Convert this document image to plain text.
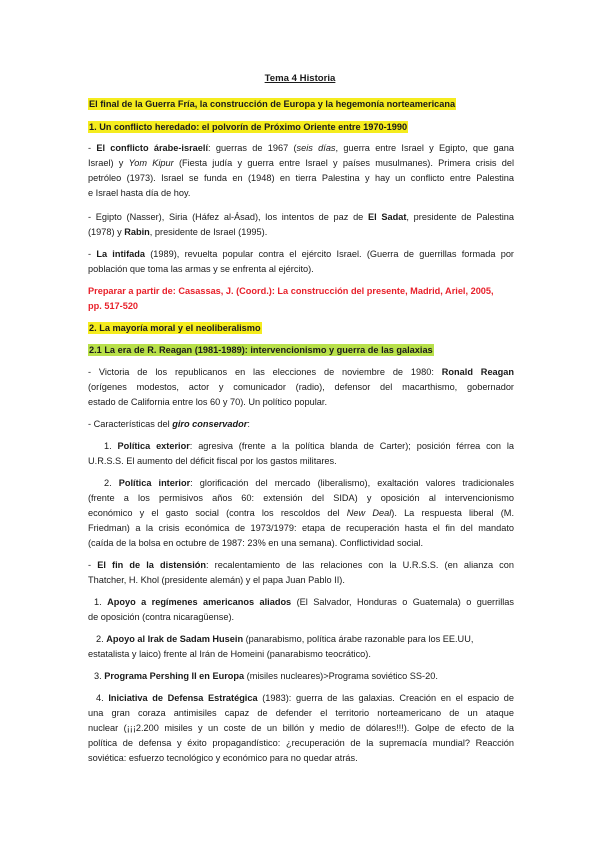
Tema 4 Historia
El final de la Guerra Fría, la construcción de Europa y la hegemonía norteamericana
1. Un conflicto heredado: el polvorín de Próximo Oriente entre 1970-1990
- El conflicto árabe-israelí: guerras de 1967 (seis días, guerra entre Israel y Egipto, que gana
Israel) y Yom Kipur (Fiesta judía y guerra entre Israel y países musulmanes). Primera crisis del
petróleo (1973). Israel se funda en (1948) en tierra Palestina y hay un conflicto entre Palestina
e Israel hasta día de hoy.
- Egipto (Nasser), Siria (Háfez al-Ásad), los intentos de paz de El Sadat, presidente de Palestina
(1978) y Rabin, presidente de Israel (1995).
- La intifada (1989), revuelta popular contra el ejército Israel. (Guerra de guerrillas formada por
población que toma las armas y se enfrenta al ejército).
Preparar a partir de: Casassas, J. (Coord.): La construcción del presente, Madrid, Ariel, 2005,
pp. 517-520
2. La mayoría moral y el neoliberalismo
2.1 La era de R. Reagan (1981-1989): intervencionismo y guerra de las galaxias
- Victoria de los republicanos en las elecciones de noviembre de 1980: Ronald Reagan
(orígenes modestos, actor y comunicador (radio), defensor del macarthismo, gobernador
estado de California entre los 60 y 70). Un político popular.
- Características del giro conservador:
1. Política exterior: agresiva (frente a la política blanda de Carter); posición férrea con la
U.R.S.S. El aumento del déficit fiscal por los gastos militares.
2. Política interior: glorificación del mercado (liberalismo), exaltación valores tradicionales
(frente a los permisivos años 60: extensión del SIDA) y oposición al intervencionismo
económico y el gasto social (contra los rescoldos del New Deal). La respuesta liberal (M.
Friedman) a la crisis económica de 1973/1979: etapa de recuperación hasta el fin del mandato
(caída de la bolsa en octubre de 1987: 23% en una semana). Conflictividad social.
- El fin de la distensión: recalentamiento de las relaciones con la U.R.S.S. (en alianza con
Thatcher, H. Khol (presidente alemán) y el papa Juan Pablo II).
1. Apoyo a regímenes americanos aliados (El Salvador, Honduras o Guatemala) o guerrillas
de oposición (contra nicaragüense).
2. Apoyo al Irak de Sadam Husein (panarabismo, política árabe razonable para los EE.UU,
estatalista y laico) frente al Irán de Homeini (panarabismo teocrático).
3. Programa Pershing II en Europa (misiles nucleares)>Programa soviético SS-20.
4. Iniciativa de Defensa Estratégica (1983): guerra de las galaxias. Creación en el espacio de
una gran coraza antimisiles capaz de defender el territorio norteamericano de un ataque
nuclear (¡¡¡2.200 misiles y un coste de un billón y medio de dólares!!!). Golpe de efecto de la
política de defensa y éxito propagandístico: ¿recuperación de la supremacía mundial? Reacción
soviética: esfuerzo tecnológico y económico para no quedar atrás.
